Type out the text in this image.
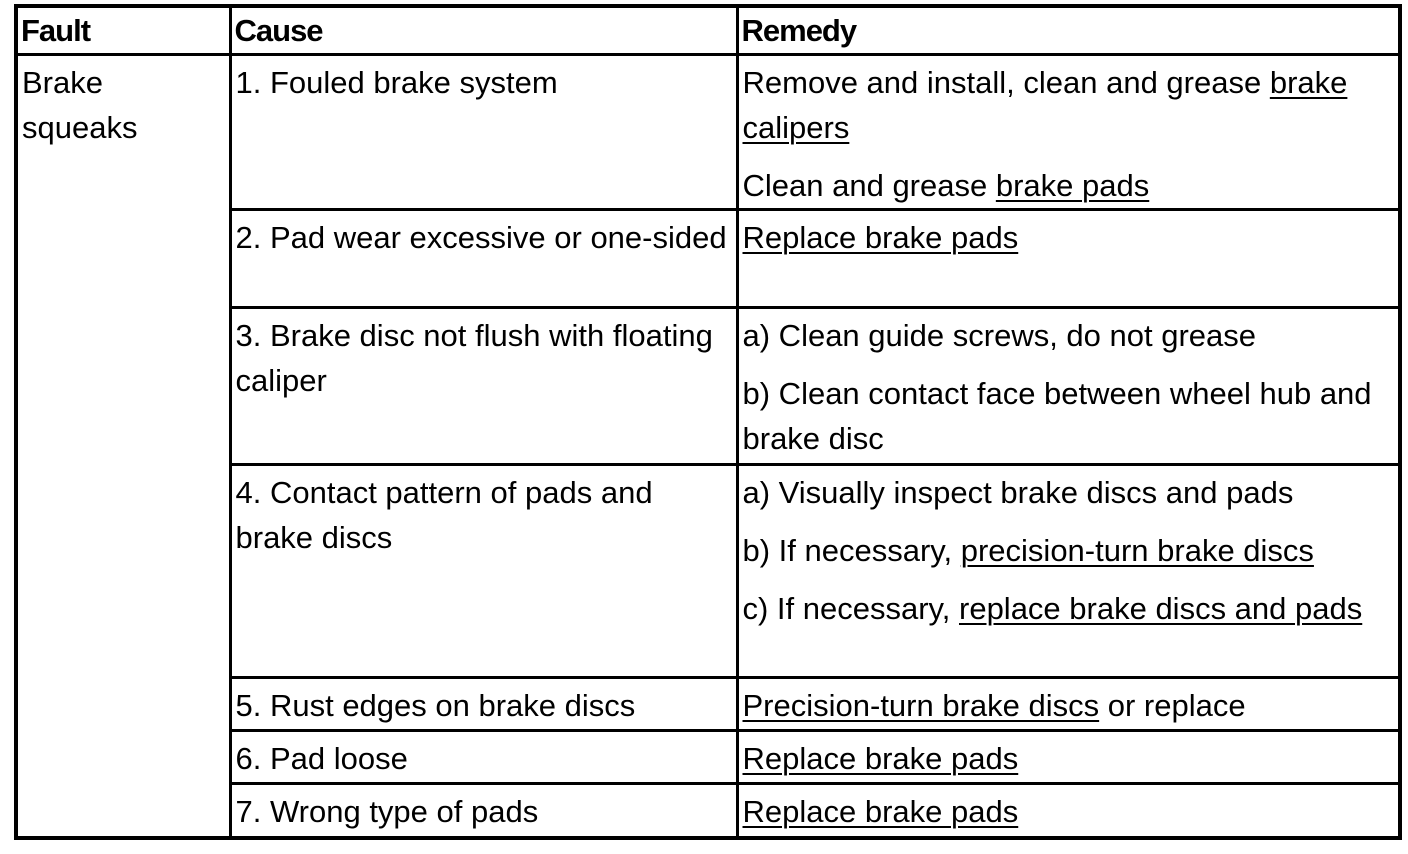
Fault	Cause	Remedy

Brake
squeaks	1. Fouled brake system	Remove and install, clean and grease brake calipers
Clean and grease brake pads

	2. Pad wear excessive or one-sided	Replace brake pads

	3. Brake disc not flush with floating caliper	a) Clean guide screws, do not grease
b) Clean contact face between wheel hub and brake disc

	4. Contact pattern of pads and brake discs	a) Visually inspect brake discs and pads
b) If necessary, precision-turn brake discs
c) If necessary, replace brake discs and pads

	5. Rust edges on brake discs	Precision-turn brake discs or replace

	6. Pad loose	Replace brake pads

	7. Wrong type of pads	Replace brake pads
